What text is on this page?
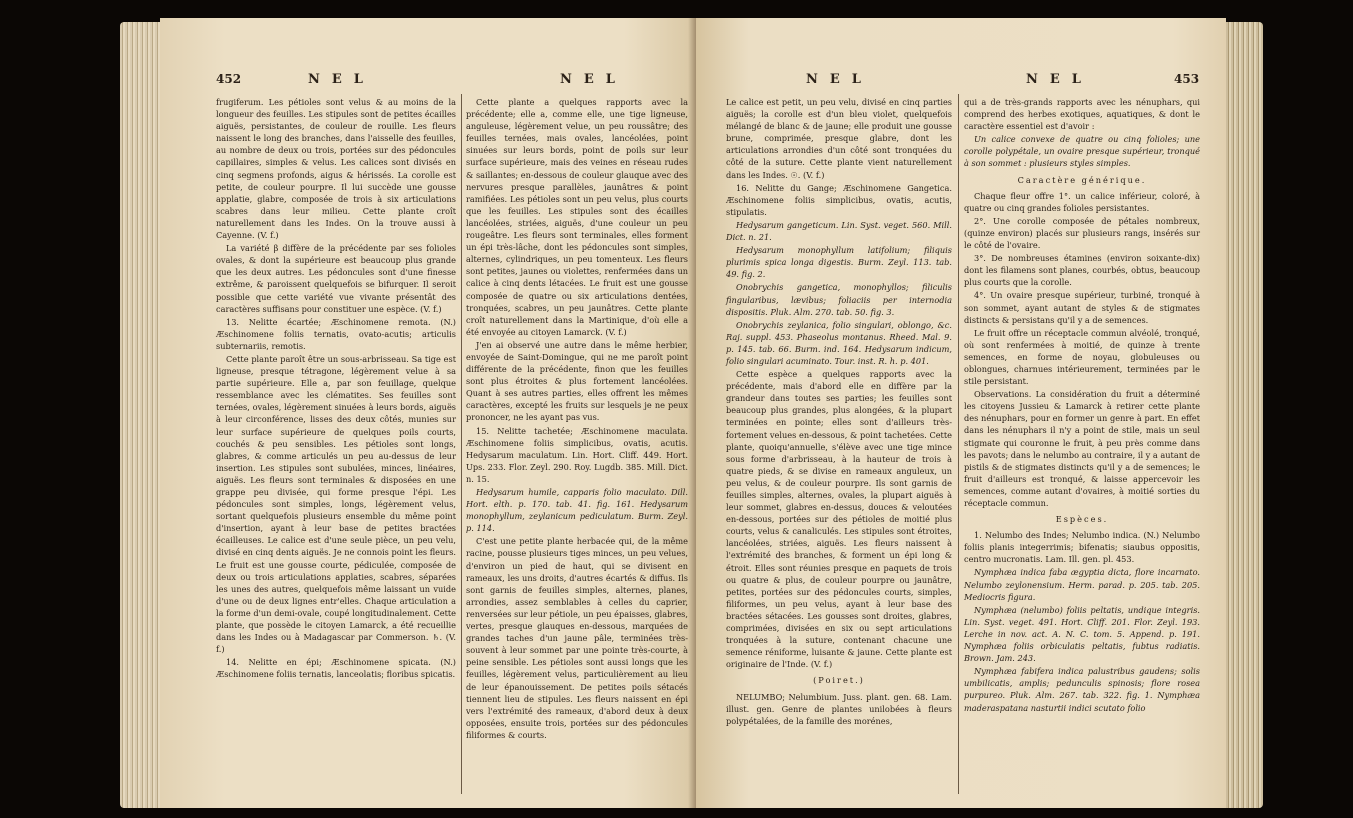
452	NEL	NEL

frugiferum. Les pétioles sont velus & au moins de la longueur des feuilles. Les stipules sont de petites écailles aiguës, persistantes, de couleur de rouille. Les fleurs naissent le long des branches, dans l'aisselle des feuilles, au nombre de deux ou trois, portées sur des pédoncules capillaires, simples & velus. Les calices sont divisés en cinq segmens profonds, aigus & hérissés. La corolle est petite, de couleur pourpre. Il lui succède une gousse applatie, glabre, composée de trois à six articulations scabres dans leur milieu. Cette plante croît naturellement dans les Indes. On la trouve aussi à Cayenne. (V. f.)

La variété β diffère de la précédente par ses folioles ovales, & dont la supérieure est beaucoup plus grande que les deux autres. Les pédoncules sont d'une finesse extrême, & paroissent quelquefois se bifurquer. Il seroit possible que cette variété vue vivante présentât des caractères suffisans pour constituer une espèce. (V. f.)

13. Nelitte écartée; Æschinomene remota. (N.) Æschinomene foliis ternatis, ovato-acutis; articulis subternariis, remotis.

Cette plante paroît être un sous-arbrisseau. Sa tige est ligneuse, presque tétragone, légèrement velue à sa partie supérieure. Elle a, par son feuillage, quelque ressemblance avec les clématites. Ses feuilles sont ternées, ovales, légèrement sinuées à leurs bords, aiguës à leur circonférence, lisses des deux côtés, munies sur leur surface supérieure de quelques poils courts, couchés & peu sensibles. Les pétioles sont longs, glabres, & comme articulés un peu au-dessus de leur insertion. Les stipules sont subulées, minces, linéaires, aiguës. Les fleurs sont terminales & disposées en une grappe peu divisée, qui forme presque l'épi. Les pédoncules sont simples, longs, légèrement velus, sortant quelquefois plusieurs ensemble du même point d'insertion, ayant à leur base de petites bractées écailleuses. Le calice est d'une seule pièce, un peu velu, divisé en cinq dents aiguës. Je ne connois point les fleurs. Le fruit est une gousse courte, pédiculée, composée de deux ou trois articulations applaties, scabres, séparées les unes des autres, quelquefois même laissant un vuide d'une ou de deux lignes entr'elles. Chaque articulation a la forme d'un demi-ovale, coupé longitudinalement. Cette plante, que possède le citoyen Lamarck, a été recueillie dans les Indes ou à Madagascar par Commerson. ♄. (V. f.)

14. Nelitte en épi; Æschinomene spicata. (N.) Æschinomene foliis ternatis, lanceolatis; floribus spicatis.

Cette plante a quelques rapports avec la précédente; elle a, comme elle, une tige ligneuse, anguleuse, légèrement velue, un peu roussâtre; des feuilles ternées, mais ovales, lancéolées, point sinuées sur leurs bords, point de poils sur leur surface supérieure, mais des veines en réseau rudes & saillantes; en-dessous de couleur glauque avec des nervures presque parallèles, jaunâtres & point ramifiées. Les pétioles sont un peu velus, plus courts que les feuilles. Les stipules sont des écailles lancéolées, striées, aiguës, d'une couleur un peu rougeâtre. Les fleurs sont terminales, elles forment un épi très-lâche, dont les pédoncules sont simples, alternes, cylindriques, un peu tomenteux. Les fleurs sont petites, jaunes ou violettes, renfermées dans un calice à cinq dents létacées. Le fruit est une gousse composée de quatre ou six articulations dentées, tronquées, scabres, un peu jaunâtres. Cette plante croît naturellement dans la Martinique, d'où elle a été envoyée au citoyen Lamarck. (V. f.)

J'en ai observé une autre dans le même herbier, envoyée de Saint-Domingue, qui ne me paroît point différente de la précédente, finon que les feuilles sont plus étroites & plus fortement lancéolées. Quant à ses autres parties, elles offrent les mêmes caractères, excepté les fruits sur lesquels je ne peux prononcer, ne les ayant pas vus.

15. Nelitte tachetée; Æschinomene maculata. Æschinomene foliis simplicibus, ovatis, acutis. Hedysarum maculatum. Lin. Hort. Cliff. 449. Hort. Ups. 233. Flor. Zeyl. 290. Roy. Lugdb. 385. Mill. Dict. n. 15.

Hedysarum humile, capparis folio maculato. Dill. Hort. elth. p. 170. tab. 41. fig. 161. Hedysarum monophyllum, zeylanicum pediculatum. Burm. Zeyl. p. 114.

C'est une petite plante herbacée qui, de la même racine, pousse plusieurs tiges minces, un peu velues, d'environ un pied de haut, qui se divisent en rameaux, les uns droits, d'autres écartés & diffus. Ils sont garnis de feuilles simples, alternes, planes, arrondies, assez semblables à celles du caprier, renversées sur leur pétiole, un peu épaisses, glabres, vertes, presque glauques en-dessous, marquées de grandes taches d'un jaune pâle, terminées très-souvent à leur sommet par une pointe très-courte, à peine sensible. Les pétioles sont aussi longs que les feuilles, légèrement velus, particulièrement au lieu de leur épanouissement. De petites poils sétacés tiennent lieu de stipules. Les fleurs naissent en épi vers l'extrémité des rameaux, d'abord deux à deux opposées, ensuite trois, portées sur des pédoncules filiformes & courts.

NEL	NEL	453

Le calice est petit, un peu velu, divisé en cinq parties aiguës; la corolle est d'un bleu violet, quelquefois mélangé de blanc & de jaune; elle produit une gousse brune, comprimée, presque glabre, dont les articulations arrondies d'un côté sont tronquées du côté de la suture. Cette plante vient naturellement dans les Indes. ☉. (V. f.)

16. Nelitte du Gange; Æschinomene Gangetica. Æschinomene foliis simplicibus, ovatis, acutis, stipulatis.

Hedysarum gangeticum. Lin. Syst. veget. 560. Mill. Dict. n. 21.

Hedysarum monophyllum latifolium; filiquis plurimis spica longa digestis. Burm. Zeyl. 113. tab. 49. fig. 2.

Onobrychis gangetica, monophyllos; filiculis fingularibus, lævibus; foliaciis per internodia dispositis. Pluk. Alm. 270. tab. 50. fig. 3.

Onobrychis zeylanica, folio singulari, oblongo, &c. Raj. suppl. 453. Phaseolus montanus. Rheed. Mal. 9. p. 145. tab. 66. Burm. ind. 164. Hedysarum indicum, folio singulari acuminato. Tour. inst. R. h. p. 401.

Cette espèce a quelques rapports avec la précédente, mais d'abord elle en diffère par la grandeur dans toutes ses parties; les feuilles sont beaucoup plus grandes, plus alongées, & la plupart terminées en pointe; elles sont d'ailleurs très-fortement velues en-dessous, & point tachetées. Cette plante, quoiqu'annuelle, s'élève avec une tige mince sous forme d'arbrisseau, à la hauteur de trois à quatre pieds, & se divise en rameaux anguleux, un peu velus, & de couleur pourpre. Ils sont garnis de feuilles simples, alternes, ovales, la plupart aiguës à leur sommet, glabres en-dessus, douces & veloutées en-dessous, portées sur des pétioles de moitié plus courts, velus & canaliculés. Les stipules sont étroites, lancéolées, striées, aiguës. Les fleurs naissent à l'extrémité des branches, & forment un épi long & étroit. Elles sont réunies presque en paquets de trois ou quatre & plus, de couleur pourpre ou jaunâtre, petites, portées sur des pédoncules courts, simples, filiformes, un peu velus, ayant à leur base des bractées sétacées. Les gousses sont droites, glabres, comprimées, divisées en six ou sept articulations tronquées à la suture, contenant chacune une semence réniforme, luisante & jaune. Cette plante est originaire de l'Inde. (V. f.)

(Poiret.)

NELUMBO; Nelumbium. Juss. plant. gen. 68. Lam. illust. gen. Genre de plantes unilobées à fleurs polypétalées, de la famille des morénes,

qui a de très-grands rapports avec les nénuphars, qui comprend des herbes exotiques, aquatiques, & dont le caractère essentiel est d'avoir :

Un calice convexe de quatre ou cinq folioles; une corolle polypétale, un ovaire presque supérieur, tronqué à son sommet : plusieurs styles simples.

Caractère générique.

Chaque fleur offre 1°. un calice inférieur, coloré, à quatre ou cinq grandes folioles persistantes.

2°. Une corolle composée de pétales nombreux, (quinze environ) placés sur plusieurs rangs, insérés sur le côté de l'ovaire.

3°. De nombreuses étamines (environ soixante-dix) dont les filamens sont planes, courbés, obtus, beaucoup plus courts que la corolle.

4°. Un ovaire presque supérieur, turbiné, tronqué à son sommet, ayant autant de styles & de stigmates distincts & persistans qu'il y a de semences.

Le fruit offre un réceptacle commun alvéolé, tronqué, où sont renfermées à moitié, de quinze à trente semences, en forme de noyau, globuleuses ou oblongues, charnues intérieurement, terminées par le stile persistant.

Observations. La considération du fruit a déterminé les citoyens Jussieu & Lamarck à retirer cette plante des nénuphars, pour en former un genre à part. En effet dans les nénuphars il n'y a point de stile, mais un seul stigmate qui couronne le fruit, à peu près comme dans les pavots; dans le nelumbo au contraire, il y a autant de pistils & de stigmates distincts qu'il y a de semences; le fruit d'ailleurs est tronqué, & laisse appercevoir les semences, comme autant d'ovaires, à moitié sorties du réceptacle commun.

Espèces.

1. Nelumbo des Indes; Nelumbo indica. (N.) Nelumbo foliis planis integerrimis; bifenatis; siaubus oppositis, centro mucronatis. Lam. Ill. gen. pl. 453.

Nymphæa indica faba ægyptia dicta, flore incarnato. Nelumbo zeylonensium. Herm. parad. p. 205. tab. 205. Mediocris figura.

Nymphæa (nelumbo) foliis peltatis, undique integris. Lin. Syst. veget. 491. Hort. Cliff. 201. Flor. Zeyl. 193. Lerche in nov. act. A. N. C. tom. 5. Append. p. 191. Nymphæa foliis orbiculatis peltatis, fubtus radiatis. Brown. Jam. 243.

Nymphæa fabifera indica palustribus gaudens; solis umbilicatis, amplis; pedunculis spinosis; flore rosea purpureo. Pluk. Alm. 267. tab. 322. fig. 1. Nymphæa maderaspatana nasturtii indici scutato folio
